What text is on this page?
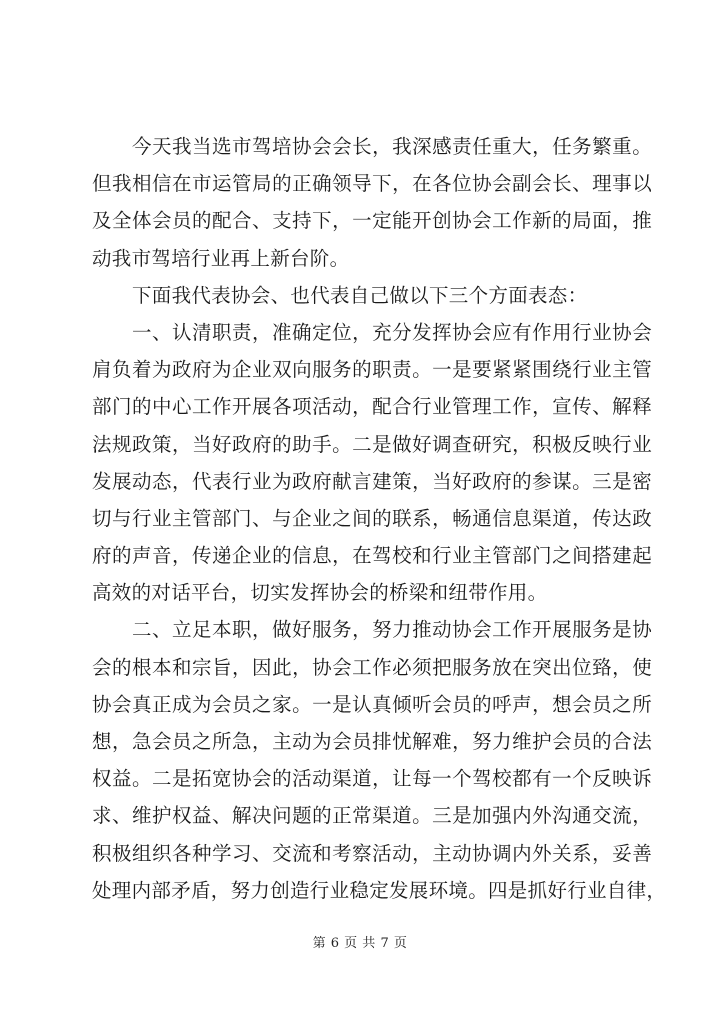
今天我当选市驾培协会会长，我深感责任重大，任务繁重。
但我相信在市运管局的正确领导下，在各位协会副会长、理事以
及全体会员的配合、支持下，一定能开创协会工作新的局面，推
动我市驾培行业再上新台阶。
下面我代表协会、也代表自己做以下三个方面表态：
一、认清职责，准确定位，充分发挥协会应有作用行业协会
肩负着为政府为企业双向服务的职责。一是要紧紧围绕行业主管
部门的中心工作开展各项活动，配合行业管理工作，宣传、解释
法规政策，当好政府的助手。二是做好调查研究，积极反映行业
发展动态，代表行业为政府献言建策，当好政府的参谋。三是密
切与行业主管部门、与企业之间的联系，畅通信息渠道，传达政
府的声音，传递企业的信息，在驾校和行业主管部门之间搭建起
高效的对话平台，切实发挥协会的桥梁和纽带作用。
二、立足本职，做好服务，努力推动协会工作开展服务是协
会的根本和宗旨，因此，协会工作必须把服务放在突出位臵，使
协会真正成为会员之家。一是认真倾听会员的呼声，想会员之所
想，急会员之所急，主动为会员排忧解难，努力维护会员的合法
权益。二是拓宽协会的活动渠道，让每一个驾校都有一个反映诉
求、维护权益、解决问题的正常渠道。三是加强内外沟通交流，
积极组织各种学习、交流和考察活动，主动协调内外关系，妥善
处理内部矛盾，努力创造行业稳定发展环境。四是抓好行业自律，
第 6 页 共 7 页
